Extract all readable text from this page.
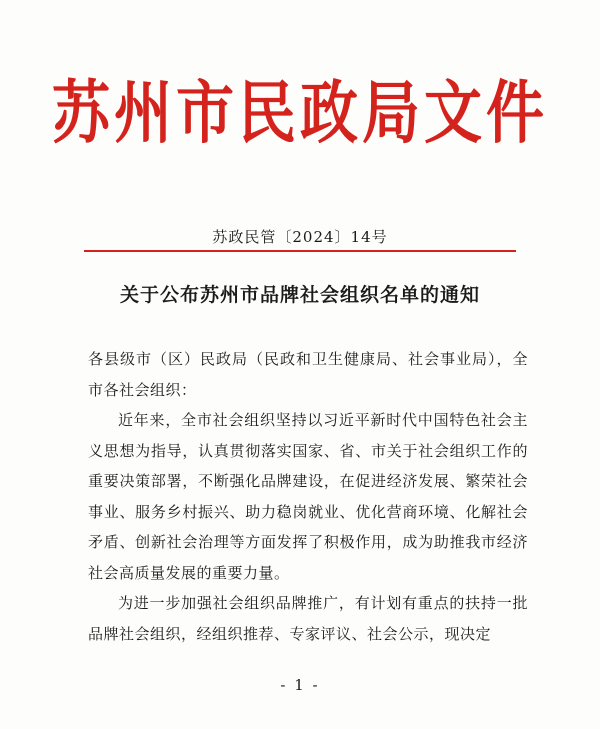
苏州市民政局文件
苏政民管〔2024〕14号
关于公布苏州市品牌社会组织名单的通知

各县级市（区）民政局（民政和卫生健康局、社会事业局），全市各社会组织：

近年来，全市社会组织坚持以习近平新时代中国特色社会主义思想为指导，认真贯彻落实国家、省、市关于社会组织工作的重要决策部署，不断强化品牌建设，在促进经济发展、繁荣社会事业、服务乡村振兴、助力稳岗就业、优化营商环境、化解社会矛盾、创新社会治理等方面发挥了积极作用，成为助推我市经济社会高质量发展的重要力量。

为进一步加强社会组织品牌推广，有计划有重点的扶持一批品牌社会组织，经组织推荐、专家评议、社会公示，现决定

- 1 -
